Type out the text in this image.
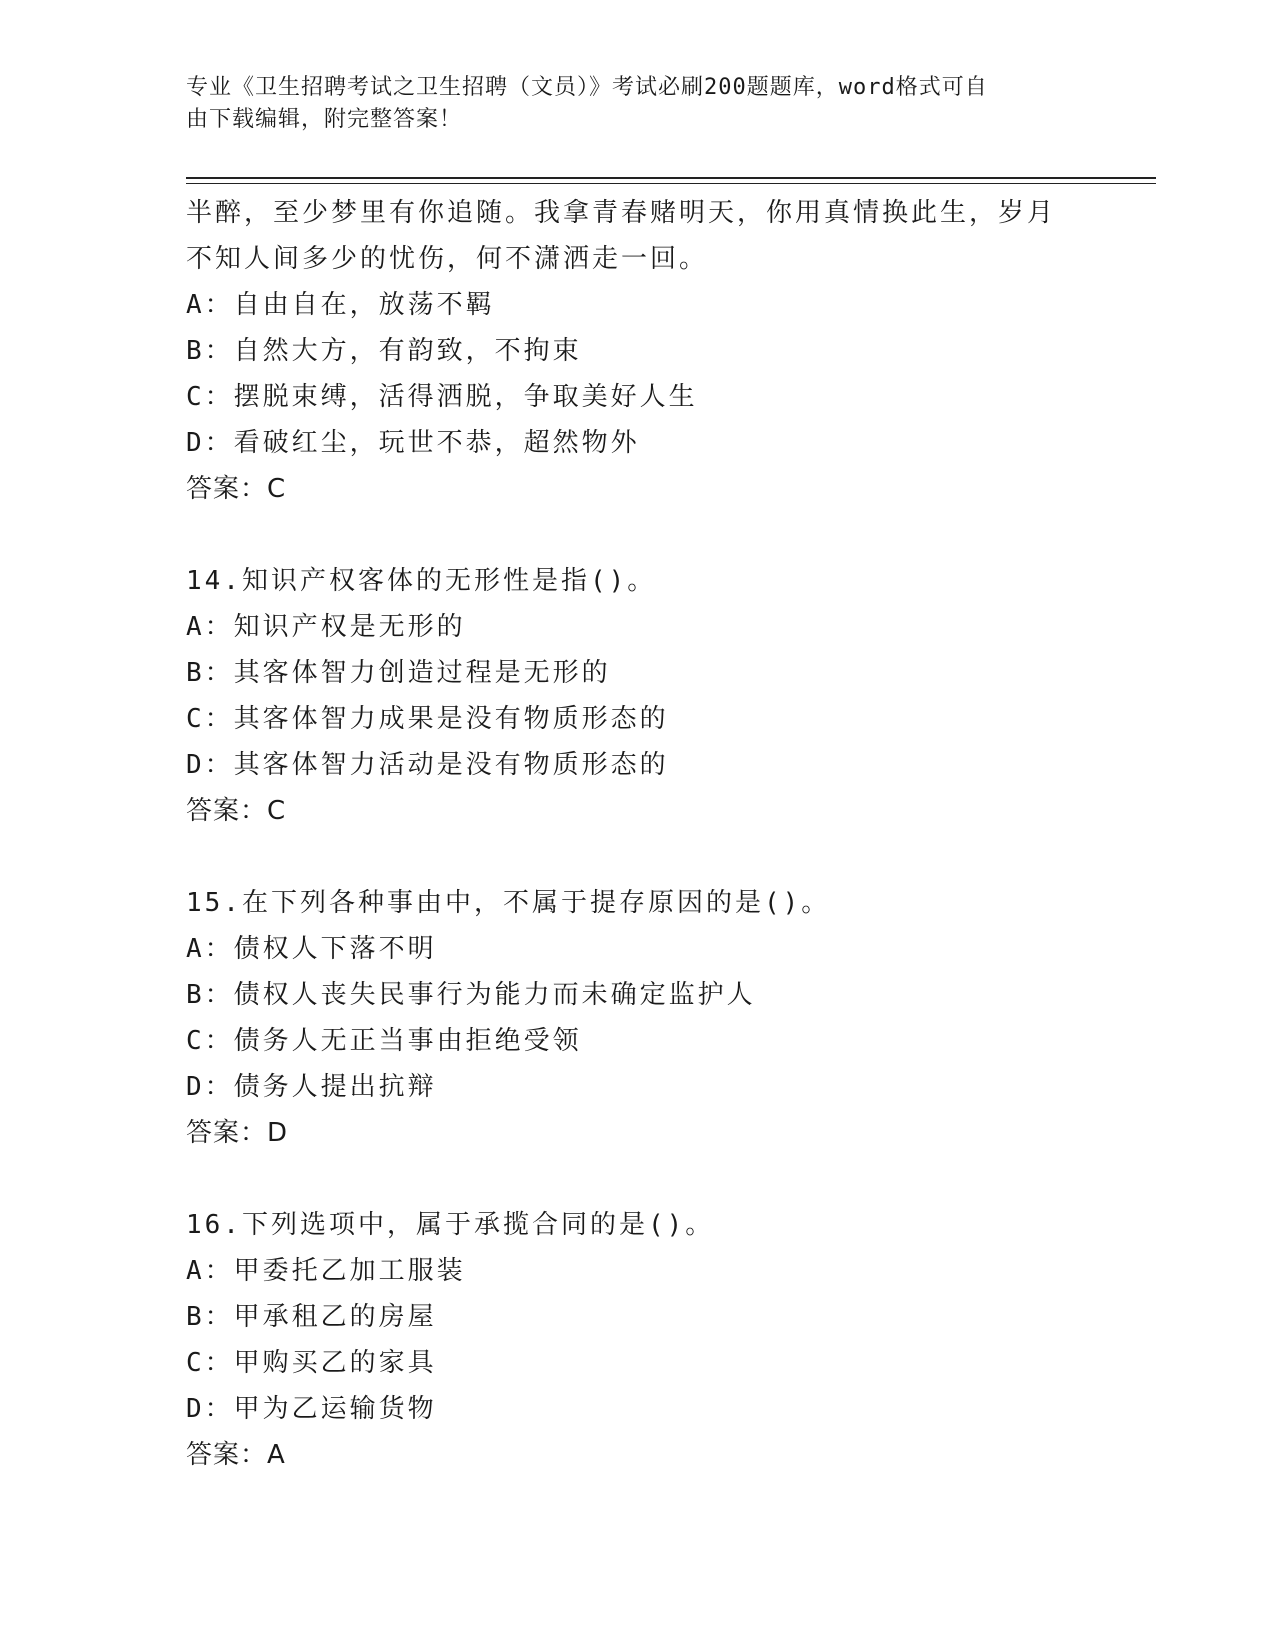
专业《卫生招聘考试之卫生招聘（文员）》考试必刷200题题库，word格式可自
由下载编辑，附完整答案！
半醉，至少梦里有你追随。我拿青春赌明天，你用真情换此生，岁月
不知人间多少的忧伤，何不潇洒走一回。
A：自由自在，放荡不羁
B：自然大方，有韵致，不拘束
C：摆脱束缚，活得洒脱，争取美好人生
D：看破红尘，玩世不恭，超然物外
答案：C
14.知识产权客体的无形性是指()。
A：知识产权是无形的
B：其客体智力创造过程是无形的
C：其客体智力成果是没有物质形态的
D：其客体智力活动是没有物质形态的
答案：C
15.在下列各种事由中，不属于提存原因的是()。
A：债权人下落不明
B：债权人丧失民事行为能力而未确定监护人
C：债务人无正当事由拒绝受领
D：债务人提出抗辩
答案：D
16.下列选项中，属于承揽合同的是()。
A：甲委托乙加工服装
B：甲承租乙的房屋
C：甲购买乙的家具
D：甲为乙运输货物
答案：A
